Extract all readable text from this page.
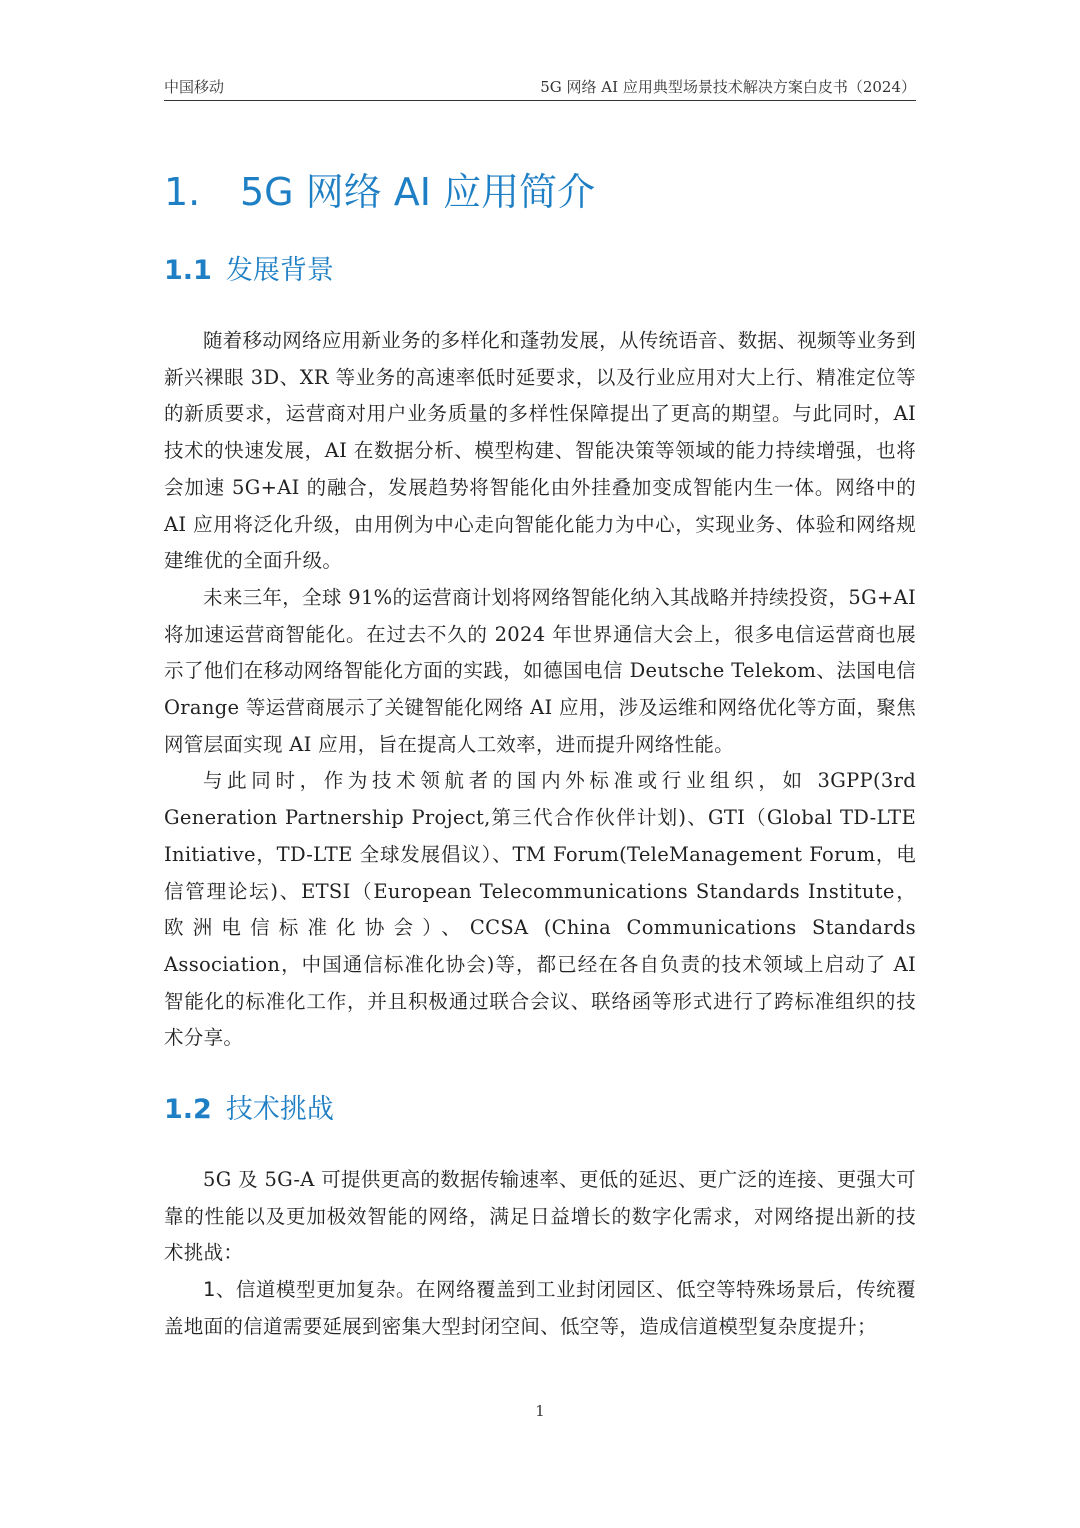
中国移动	5G 网络 AI 应用典型场景技术解决方案白皮书（2024）
1. 5G 网络 AI 应用简介
1.1 发展背景

随着移动网络应用新业务的多样化和蓬勃发展，从传统语音、数据、视频等业务到新兴裸眼 3D、XR 等业务的高速率低时延要求，以及行业应用对大上行、精准定位等的新质要求，运营商对用户业务质量的多样性保障提出了更高的期望。与此同时，AI 技术的快速发展，AI 在数据分析、模型构建、智能决策等领域的能力持续增强，也将会加速 5G+AI 的融合，发展趋势将智能化由外挂叠加变成智能内生一体。网络中的 AI 应用将泛化升级，由用例为中心走向智能化能力为中心，实现业务、体验和网络规建维优的全面升级。

未来三年，全球 91%的运营商计划将网络智能化纳入其战略并持续投资，5G+AI 将加速运营商智能化。在过去不久的 2024 年世界通信大会上，很多电信运营商也展示了他们在移动网络智能化方面的实践，如德国电信 Deutsche Telekom、法国电信 Orange 等运营商展示了关键智能化网络 AI 应用，涉及运维和网络优化等方面，聚焦网管层面实现 AI 应用，旨在提高人工效率，进而提升网络性能。

与此同时，作为技术领航者的国内外标准或行业组织，如 3GPP(3rd Generation Partnership Project,第三代合作伙伴计划)、GTI（Global TD-LTE Initiative，TD-LTE 全球发展倡议）、TM Forum(TeleManagement Forum，电信管理论坛)、ETSI（European Telecommunications Standards Institute，欧洲电信标准化协会）、CCSA (China Communications Standards Association，中国通信标准化协会)等，都已经在各自负责的技术领域上启动了 AI 智能化的标准化工作，并且积极通过联合会议、联络函等形式进行了跨标准组织的技术分享。

1.2 技术挑战

5G 及 5G-A 可提供更高的数据传输速率、更低的延迟、更广泛的连接、更强大可靠的性能以及更加极效智能的网络，满足日益增长的数字化需求，对网络提出新的技术挑战：

1、信道模型更加复杂。在网络覆盖到工业封闭园区、低空等特殊场景后，传统覆盖地面的信道需要延展到密集大型封闭空间、低空等，造成信道模型复杂度提升；

1
